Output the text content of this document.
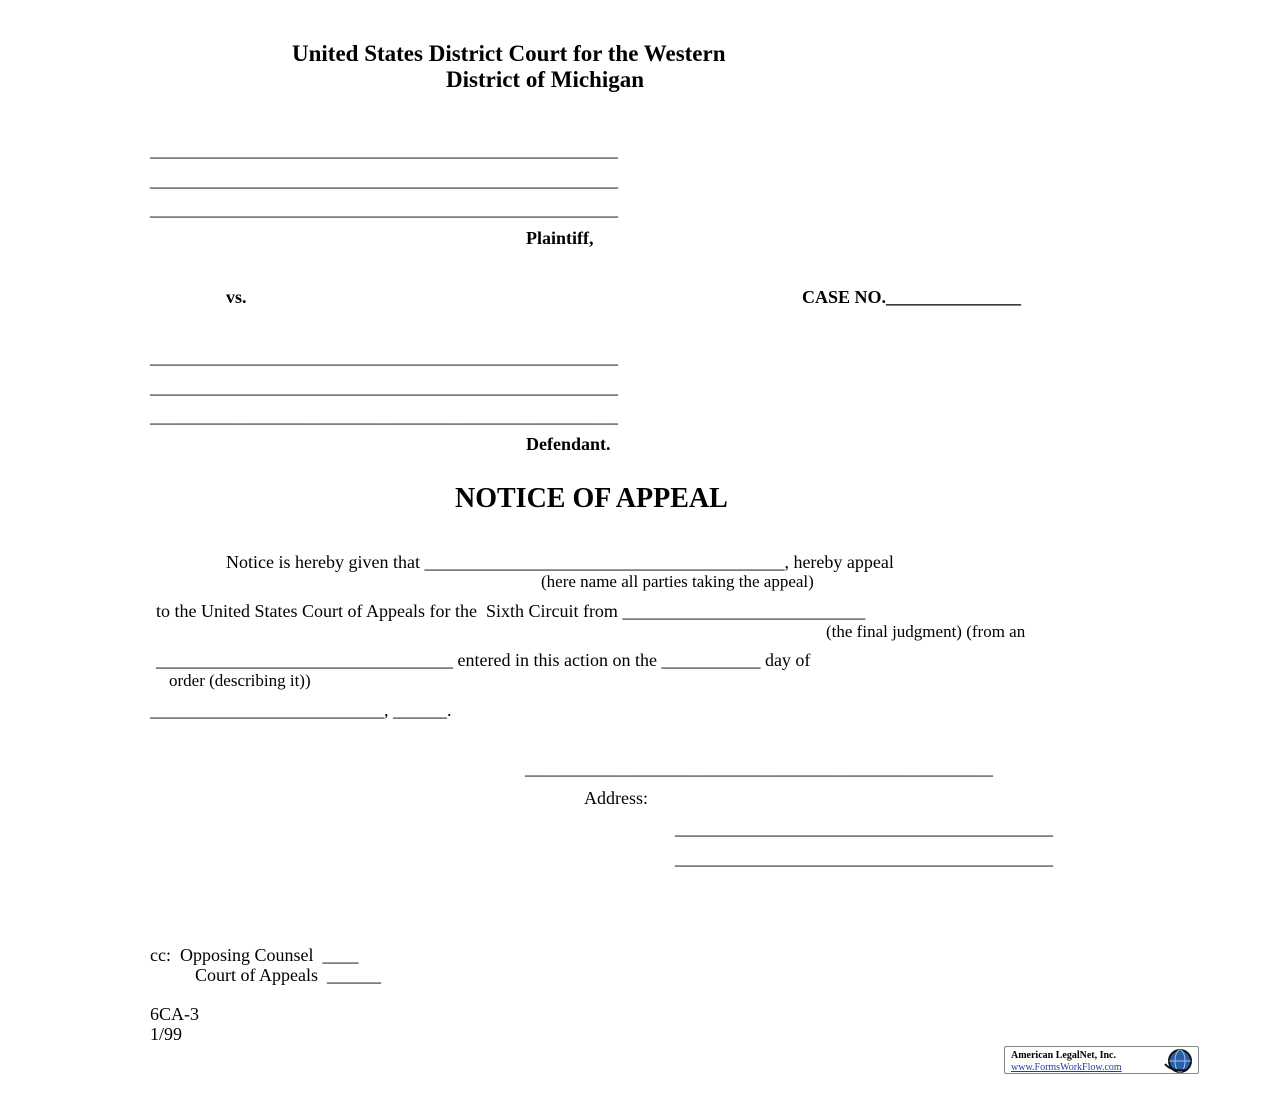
United States District Court for the Western
District of Michigan
____________________________________________________
____________________________________________________
____________________________________________________
Plaintiff,
vs.	CASE NO._______________
____________________________________________________
____________________________________________________
____________________________________________________
Defendant.
NOTICE OF APPEAL
Notice is hereby given that ________________________________________, hereby appeal
(here name all parties taking the appeal)
to the United States Court of Appeals for the  Sixth Circuit from ___________________________
(the final judgment) (from an
_________________________________ entered in this action on the ___________ day of
order (describing it))
__________________________, ______.
____________________________________________________
Address:
__________________________________________
__________________________________________
cc:  Opposing Counsel  ____
Court of Appeals  ______
6CA-3
1/99
American LegalNet, Inc.
www.FormsWorkFlow.com
